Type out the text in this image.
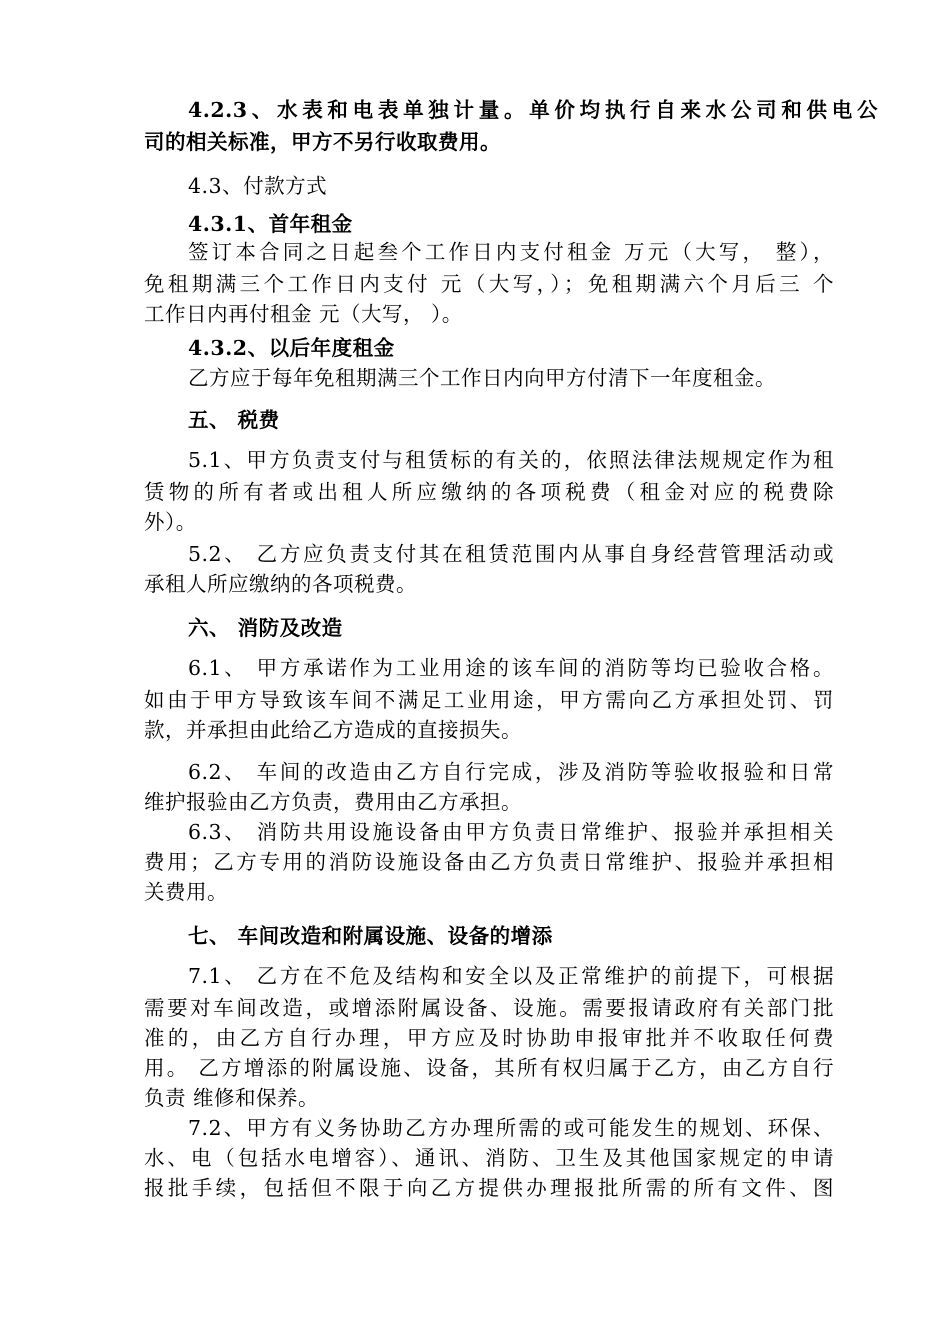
4.2.3、水表和电表单独计量。单价均执行自来水公司和供电公
司的相关标准，甲方不另行收取费用。
4.3、付款方式
4.3.1、首年租金
签订本合同之日起叁个工作日内支付租金 万元（大写， 整），
免租期满三个工作日内支付 元（大写，）；免租期满六个月后三 个
工作日内再付租金 元（大写， ）。
4.3.2、以后年度租金
乙方应于每年免租期满三个工作日内向甲方付清下一年度租金。
五、 税费
5.1、甲方负责支付与租赁标的有关的，依照法律法规规定作为租
赁物的所有者或出租人所应缴纳的各项税费（租金对应的税费除
外）。
5.2、 乙方应负责支付其在租赁范围内从事自身经营管理活动或
承租人所应缴纳的各项税费。
六、 消防及改造
6.1、 甲方承诺作为工业用途的该车间的消防等均已验收合格。
如由于甲方导致该车间不满足工业用途，甲方需向乙方承担处罚、罚
款，并承担由此给乙方造成的直接损失。
6.2、 车间的改造由乙方自行完成，涉及消防等验收报验和日常
维护报验由乙方负责，费用由乙方承担。
6.3、 消防共用设施设备由甲方负责日常维护、报验并承担相关
费用；乙方专用的消防设施设备由乙方负责日常维护、报验并承担相
关费用。
七、 车间改造和附属设施、设备的增添
7.1、 乙方在不危及结构和安全以及正常维护的前提下，可根据
需要对车间改造，或增添附属设备、设施。需要报请政府有关部门批
准的，由乙方自行办理，甲方应及时协助申报审批并不收取任何费
用。 乙方增添的附属设施、设备，其所有权归属于乙方，由乙方自行
负责 维修和保养。
7.2、甲方有义务协助乙方办理所需的或可能发生的规划、环保、
水、电（包括水电增容）、通讯、消防、卫生及其他国家规定的申请
报批手续，包括但不限于向乙方提供办理报批所需的所有文件、图
